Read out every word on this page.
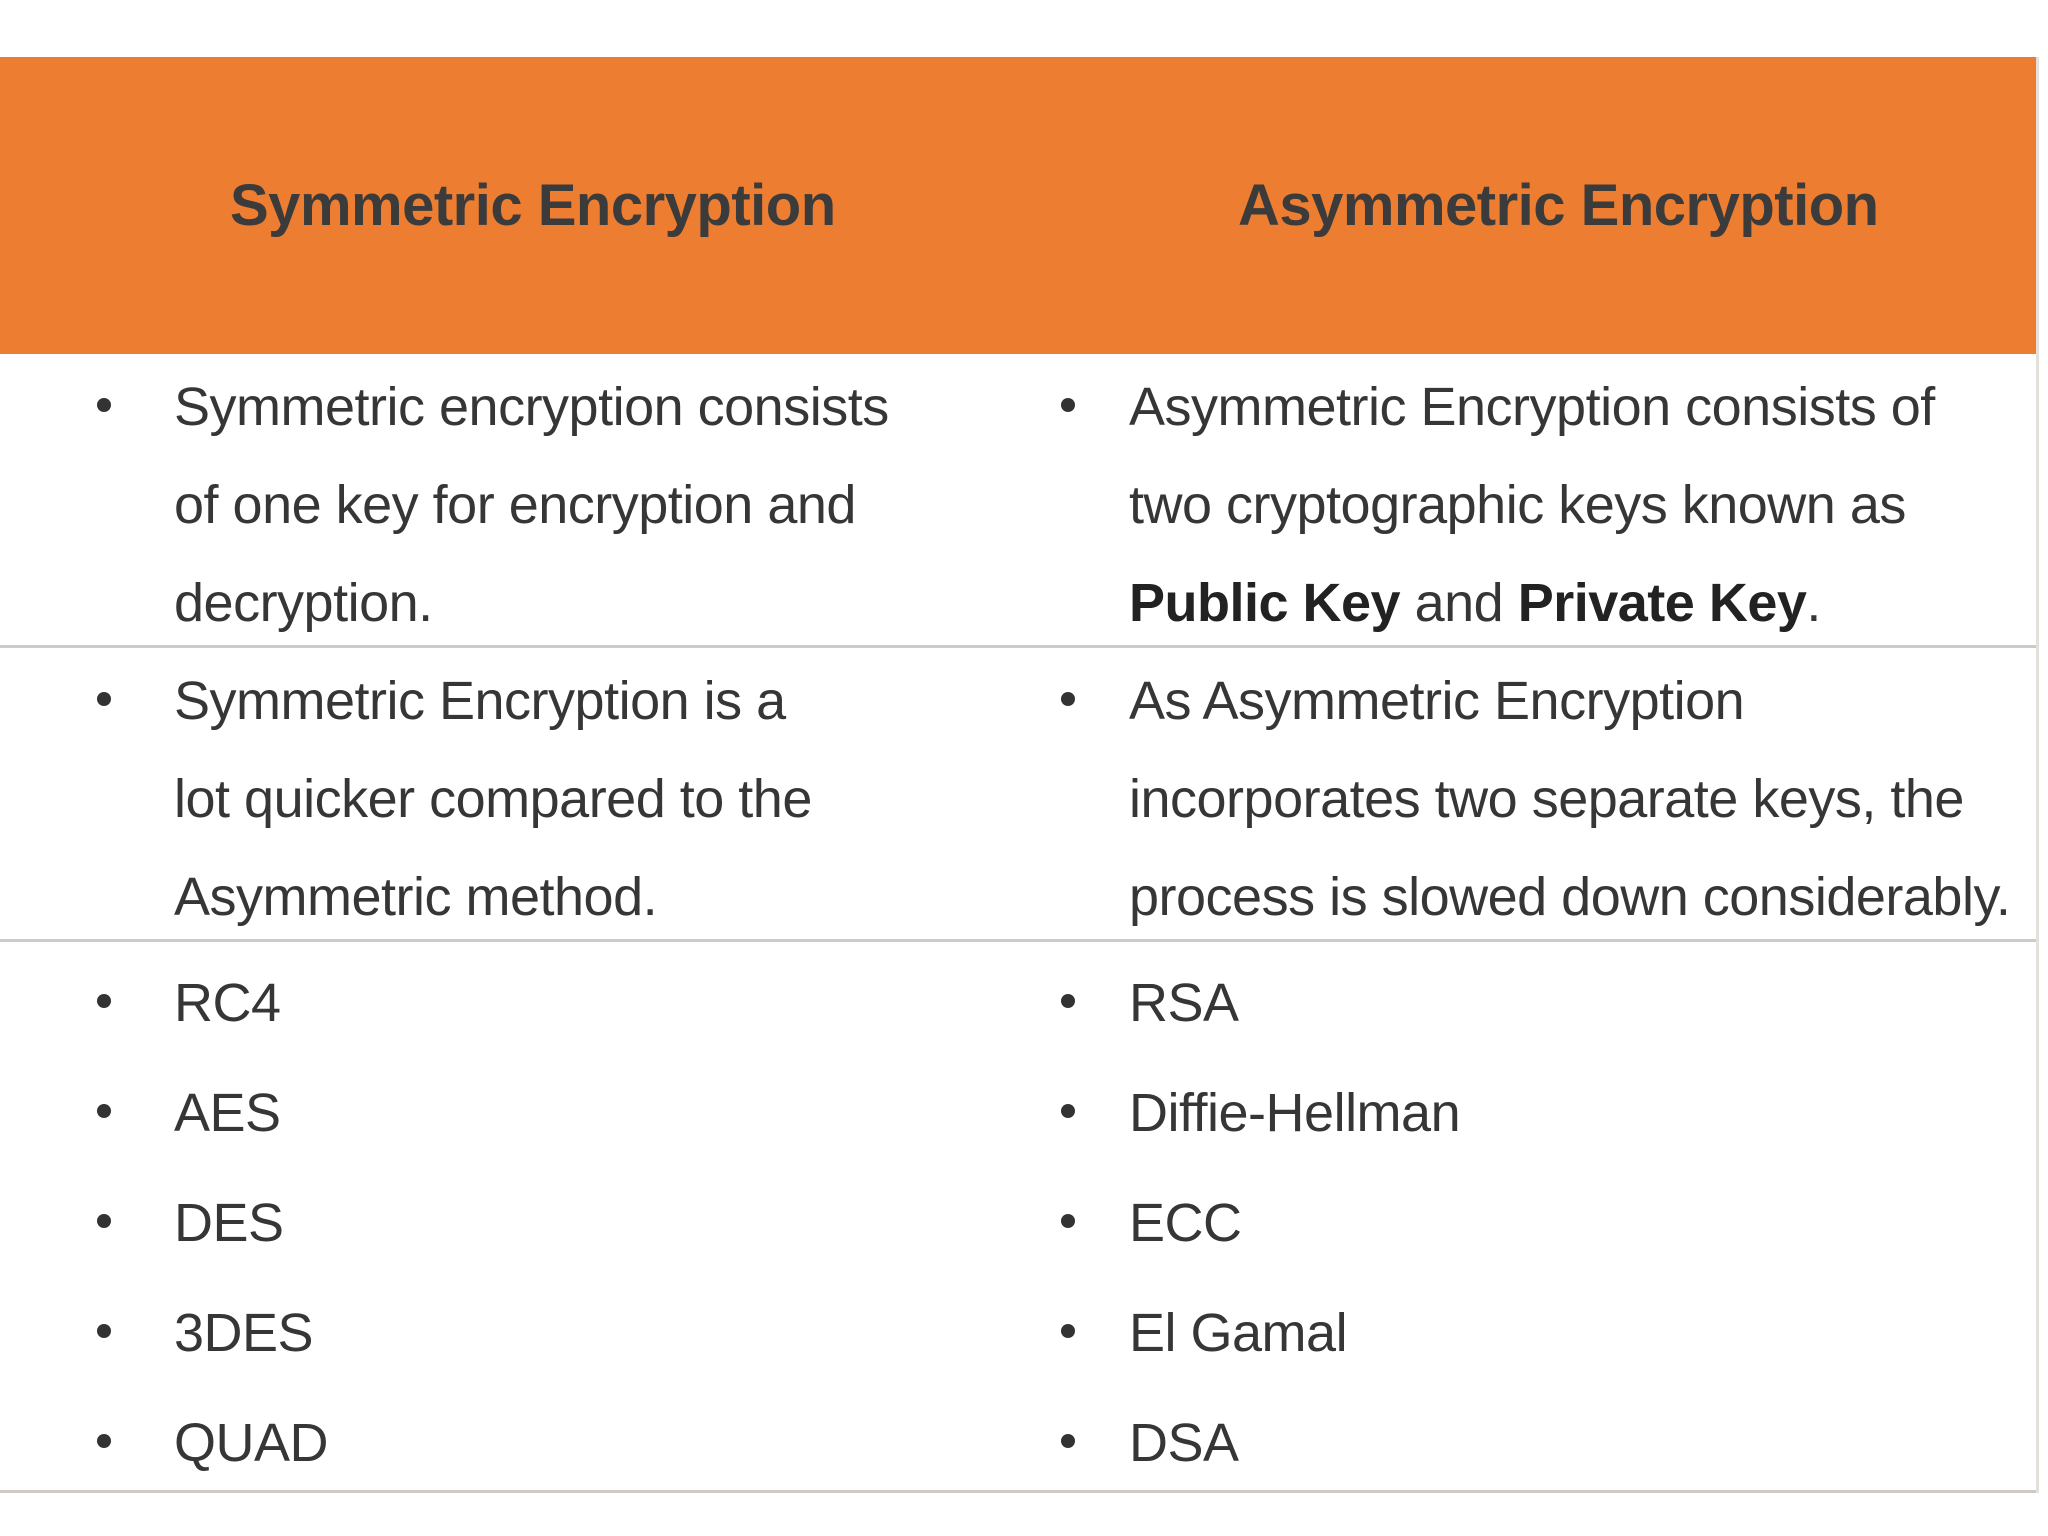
Symmetric Encryption	Asymmetric Encryption
Symmetric encryption consists of one key for encryption and decryption.
Asymmetric Encryption consists of two cryptographic keys known as Public Key and Private Key.
Symmetric Encryption is a lot quicker compared to the Asymmetric method.
As Asymmetric Encryption incorporates two separate keys, the process is slowed down considerably.
RC4
AES
DES
3DES
QUAD
RSA
Diffie-Hellman
ECC
El Gamal
DSA
